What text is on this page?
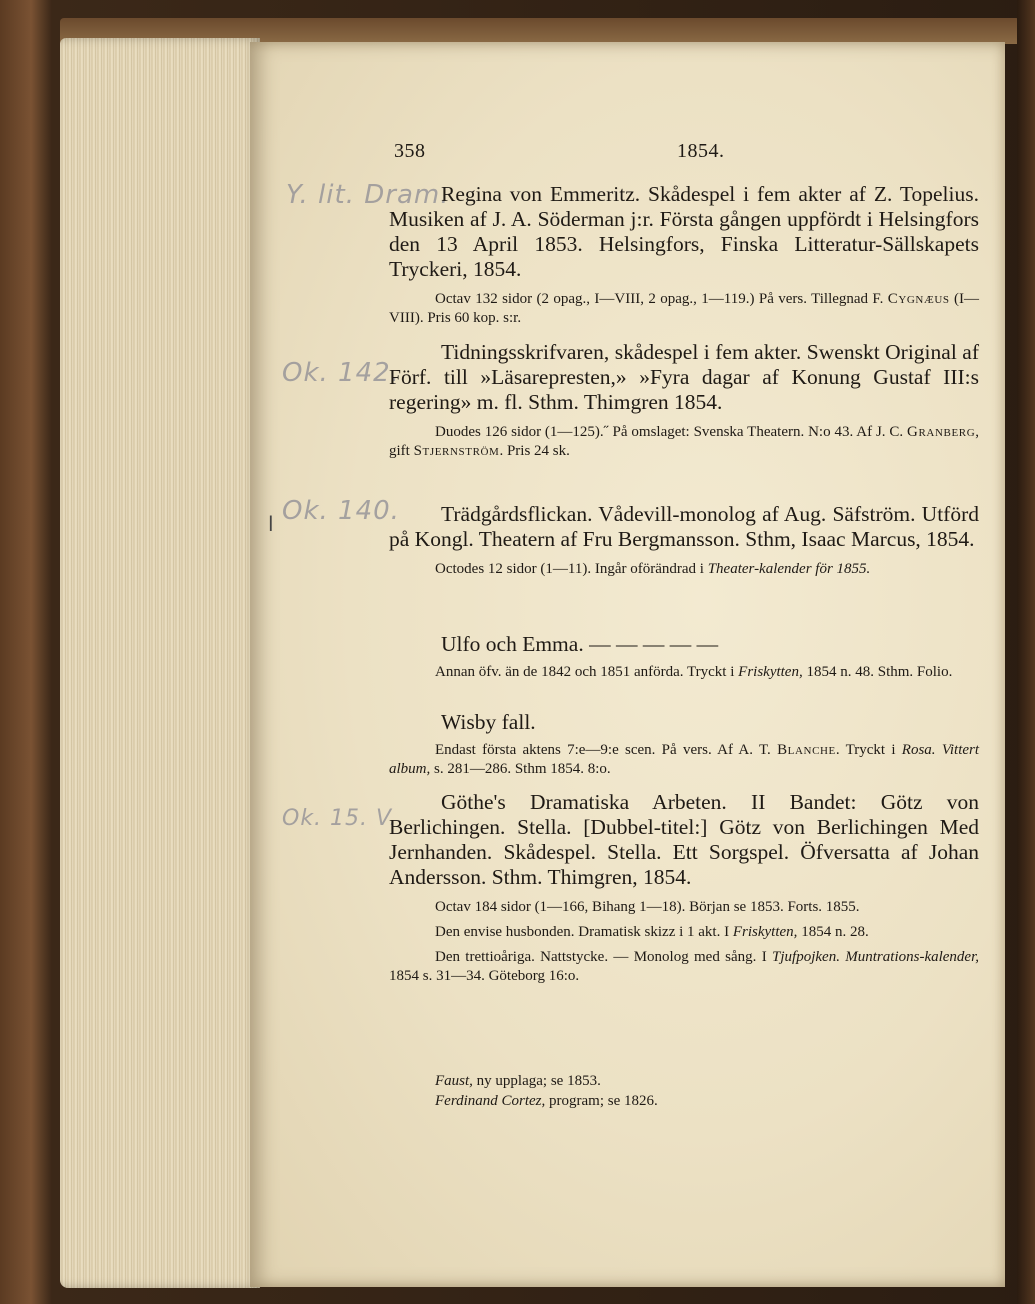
Y. lit. Dram.
Ok. 142.
Ok. 140.
Ok. 15. V.
l
358	1854.

Regina von Emmeritz. Skådespel i fem akter af Z. Topelius. Musiken af J. A. Söderman j:r. Första gången uppfördt i Helsingfors den 13 April 1853. Helsingfors, Finska Litteratur-Sällskapets Tryckeri, 1854.

Octav 132 sidor (2 opag., I—VIII, 2 opag., 1—119.) På vers. Tillegnad F. Cygnæus (I—VIII). Pris 60 kop. s:r.

Tidningsskrifvaren, skådespel i fem akter. Swenskt Original af Förf. till »Läsarepresten,» »Fyra dagar af Konung Gustaf III:s regering» m. fl. Sthm. Thimgren 1854.

Duodes 126 sidor (1—125).˝ På omslaget: Svenska Theatern. N:o 43. Af J. C. Granberg, gift Stjernström. Pris 24 sk.

Trädgårdsflickan. Vådevill-monolog af Aug. Säfström. Utförd på Kongl. Theatern af Fru Bergmansson. Sthm, Isaac Marcus, 1854.

Octodes 12 sidor (1—11). Ingår oförändrad i Theater-kalender för 1855.

Ulfo och Emma. — — — — —

Annan öfv. än de 1842 och 1851 anförda. Tryckt i Friskytten, 1854 n. 48. Sthm. Folio.

Wisby fall.

Endast första aktens 7:e—9:e scen. På vers. Af A. T. Blanche. Tryckt i Rosa. Vittert album, s. 281—286. Sthm 1854. 8:o.

Göthe's Dramatiska Arbeten. II Bandet: Götz von Berlichingen. Stella. [Dubbel-titel:] Götz von Berlichingen Med Jernhanden. Skådespel. Stella. Ett Sorgspel. Öfversatta af Johan Andersson. Sthm. Thimgren, 1854.

Octav 184 sidor (1—166, Bihang 1—18). Början se 1853. Forts. 1855.

Den envise husbonden. Dramatisk skizz i 1 akt. I Friskytten, 1854 n. 28.

Den trettioåriga. Nattstycke. — Monolog med sång. I Tjufpojken. Muntrations-kalender, 1854 s. 31—34. Göteborg 16:o.

Faust, ny upplaga; se 1853.

Ferdinand Cortez, program; se 1826.
